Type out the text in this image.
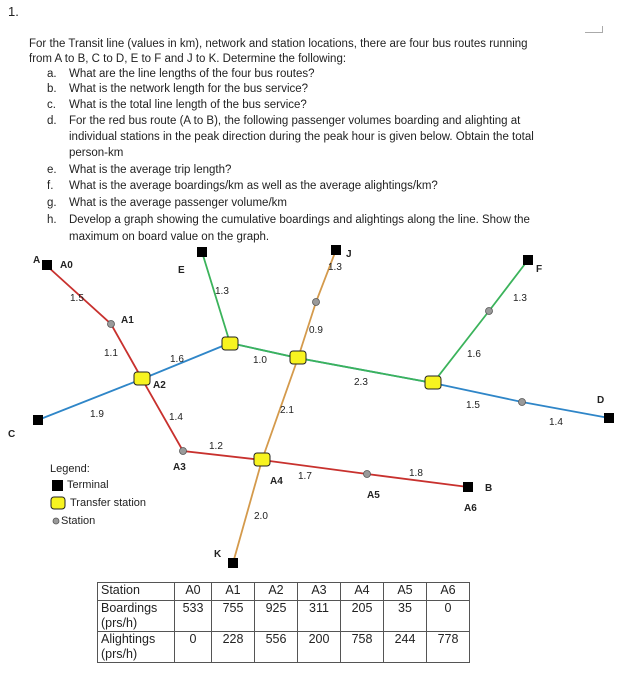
1.
For the Transit line (values in km), network and station locations, there are four bus routes running
from A to B, C to D, E to F and J to K. Determine the following:
a. What are the line lengths of the four bus routes?
b. What is the network length for the bus service?
c. What is the total line length of the bus service?
d. For the red bus route (A to B), the following passenger volumes boarding and alighting at
individual stations in the peak direction during the peak hour is given below. Obtain the total
person-km
e. What is the average trip length?
f. What is the average boardings/km as well as the average alightings/km?
g. What is the average passenger volume/km
h. Develop a graph showing the cumulative boardings and alightings along the line. Show the
maximum on board value on the graph.
A A0
A1
A2
A3
A4
A5
A6
B
C
D
E	F
J
K
1.5
1.1
1.6
1.4
1.2
1.7	1.8
1.9
1.3
1.0
2.3
1.5
1.4
1.6
1.3
1.3
0.9
2.1
2.0
Legend:
Terminal
Transfer station
Station
Station	A0	A1	A2	A3	A4	A5	A6
Boardings (prs/h)	533	755	925	311	205	35	0
Alightings (prs/h)	0	228	556	200	758	244	778
